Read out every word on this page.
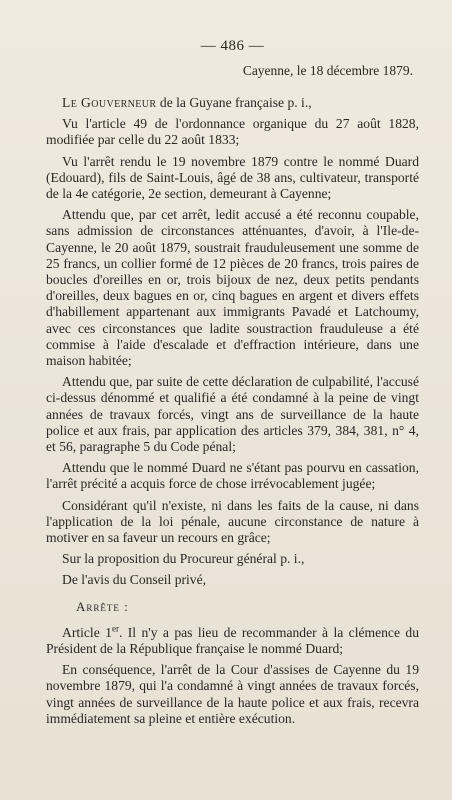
— 486 —
Cayenne, le 18 décembre 1879.

Le Gouverneur de la Guyane française p. i.,

Vu l'article 49 de l'ordonnance organique du 27 août 1828, modifiée par celle du 22 août 1833;

Vu l'arrêt rendu le 19 novembre 1879 contre le nommé Duard (Edouard), fils de Saint-Louis, âgé de 38 ans, cultivateur, transporté de la 4e catégorie, 2e section, demeurant à Cayenne;

Attendu que, par cet arrêt, ledit accusé a été reconnu coupable, sans admission de circonstances atténuantes, d'avoir, à l'Ile-de-Cayenne, le 20 août 1879, soustrait frauduleusement une somme de 25 francs, un collier formé de 12 pièces de 20 francs, trois paires de boucles d'oreilles en or, trois bijoux de nez, deux petits pendants d'oreilles, deux bagues en or, cinq bagues en argent et divers effets d'habillement appartenant aux immigrants Pavadé et Latchoumy, avec ces circonstances que ladite soustraction frauduleuse a été commise à l'aide d'escalade et d'effraction intérieure, dans une maison habitée;

Attendu que, par suite de cette déclaration de culpabilité, l'accusé ci-dessus dénommé et qualifié a été condamné à la peine de vingt années de travaux forcés, vingt ans de surveillance de la haute police et aux frais, par application des articles 379, 384, 381, n° 4, et 56, paragraphe 5 du Code pénal;

Attendu que le nommé Duard ne s'étant pas pourvu en cassation, l'arrêt précité a acquis force de chose irrévocablement jugée;

Considérant qu'il n'existe, ni dans les faits de la cause, ni dans l'application de la loi pénale, aucune circonstance de nature à motiver en sa faveur un recours en grâce;

Sur la proposition du Procureur général p. i.,

De l'avis du Conseil privé,

Arrête :

Article 1er. Il n'y a pas lieu de recommander à la clémence du Président de la République française le nommé Duard;

En conséquence, l'arrêt de la Cour d'assises de Cayenne du 19 novembre 1879, qui l'a condamné à vingt années de travaux forcés, vingt années de surveillance de la haute police et aux frais, recevra immédiatement sa pleine et entière exécution.
